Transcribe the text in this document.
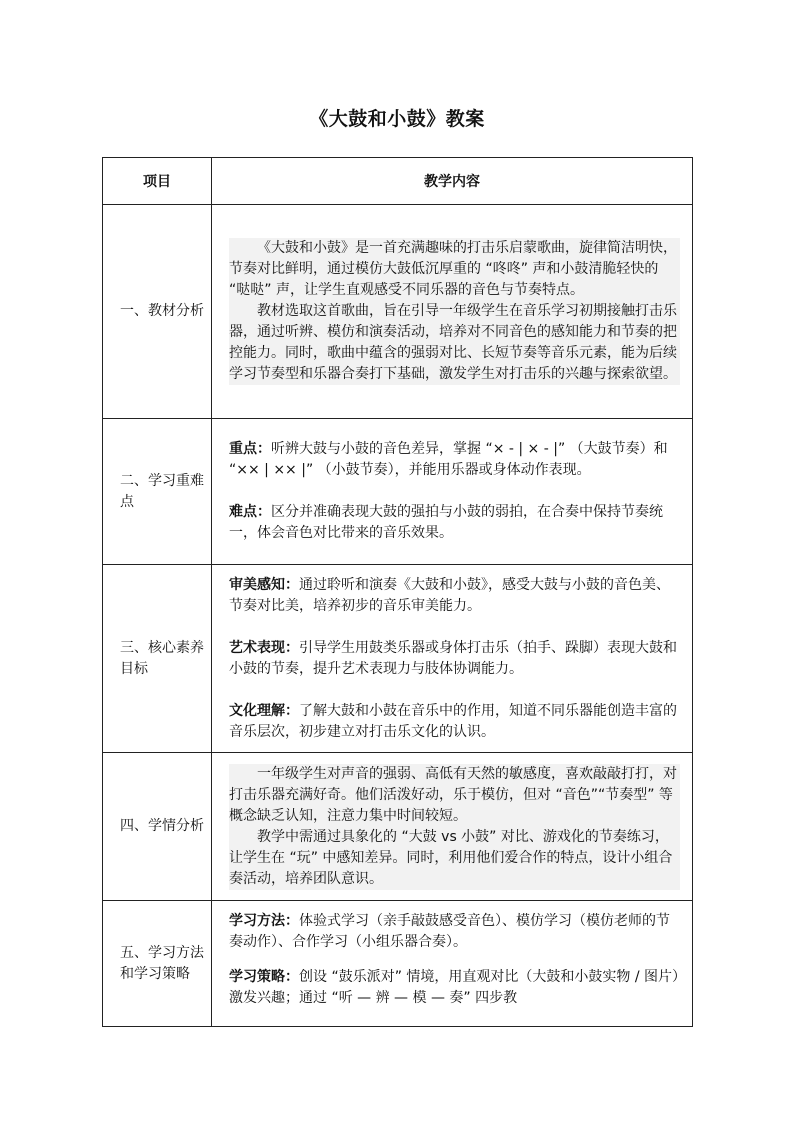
《大鼓和小鼓》教案
项目	教学内容
一、教材分析	《大鼓和小鼓》是一首充满趣味的打击乐启蒙歌曲，旋律简洁明快，节奏对比鲜明，通过模仿大鼓低沉厚重的 “咚咚” 声和小鼓清脆轻快的 “哒哒” 声，让学生直观感受不同乐器的音色与节奏特点。

教材选取这首歌曲，旨在引导一年级学生在音乐学习初期接触打击乐器，通过听辨、模仿和演奏活动，培养对不同音色的感知能力和节奏的把控能力。同时，歌曲中蕴含的强弱对比、长短节奏等音乐元素，能为后续学习节奏型和乐器合奏打下基础，激发学生对打击乐的兴趣与探索欲望。

二、学习重难点	重点：听辨大鼓与小鼓的音色差异，掌握 “× - | × - |” （大鼓节奏）和 “×× | ×× |” （小鼓节奏），并能用乐器或身体动作表现。

难点：区分并准确表现大鼓的强拍与小鼓的弱拍，在合奏中保持节奏统一，体会音色对比带来的音乐效果。

三、核心素养目标	审美感知：通过聆听和演奏《大鼓和小鼓》，感受大鼓与小鼓的音色美、节奏对比美，培养初步的音乐审美能力。

艺术表现：引导学生用鼓类乐器或身体打击乐（拍手、跺脚）表现大鼓和小鼓的节奏，提升艺术表现力与肢体协调能力。

文化理解：了解大鼓和小鼓在音乐中的作用，知道不同乐器能创造丰富的音乐层次，初步建立对打击乐文化的认识。

四、学情分析	一年级学生对声音的强弱、高低有天然的敏感度，喜欢敲敲打打，对打击乐器充满好奇。他们活泼好动，乐于模仿，但对 “音色”“节奏型” 等概念缺乏认知，注意力集中时间较短。

教学中需通过具象化的 “大鼓 vs 小鼓” 对比、游戏化的节奏练习，让学生在 “玩” 中感知差异。同时，利用他们爱合作的特点，设计小组合奏活动，培养团队意识。

五、学习方法和学习策略	学习方法：体验式学习（亲手敲鼓感受音色）、模仿学习（模仿老师的节奏动作）、合作学习（小组乐器合奏）。

学习策略：创设 “鼓乐派对” 情境，用直观对比（大鼓和小鼓实物 / 图片）激发兴趣；通过 “听 — 辨 — 模 — 奏” 四步教
